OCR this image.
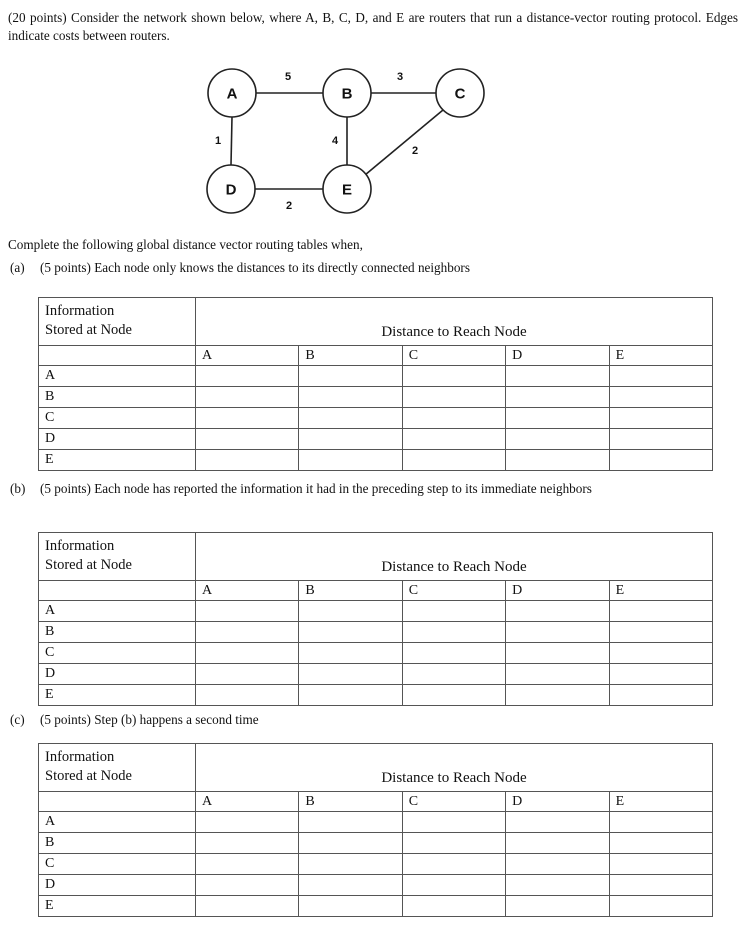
(20 points) Consider the network shown below, where A, B, C, D, and E are routers that run a distance-vector routing protocol. Edges indicate costs between routers.
A	B	C
D	E
5	3
1	4
2
2
Complete the following global distance vector routing tables when,
(a)	(5 points) Each node only knows the distances to its directly connected neighbors
Information
Stored at Node	Distance to Reach Node				
	A	B	C	D	E
A					
B					
C					
D					
E					
(b)	(5 points) Each node has reported the information it had in the preceding step to its immediate neighbors
Information
Stored at Node	Distance to Reach Node				
	A	B	C	D	E
A					
B					
C					
D					
E					
(c)	(5 points) Step (b) happens a second time
Information
Stored at Node	Distance to Reach Node				
	A	B	C	D	E
A					
B					
C					
D					
E					
